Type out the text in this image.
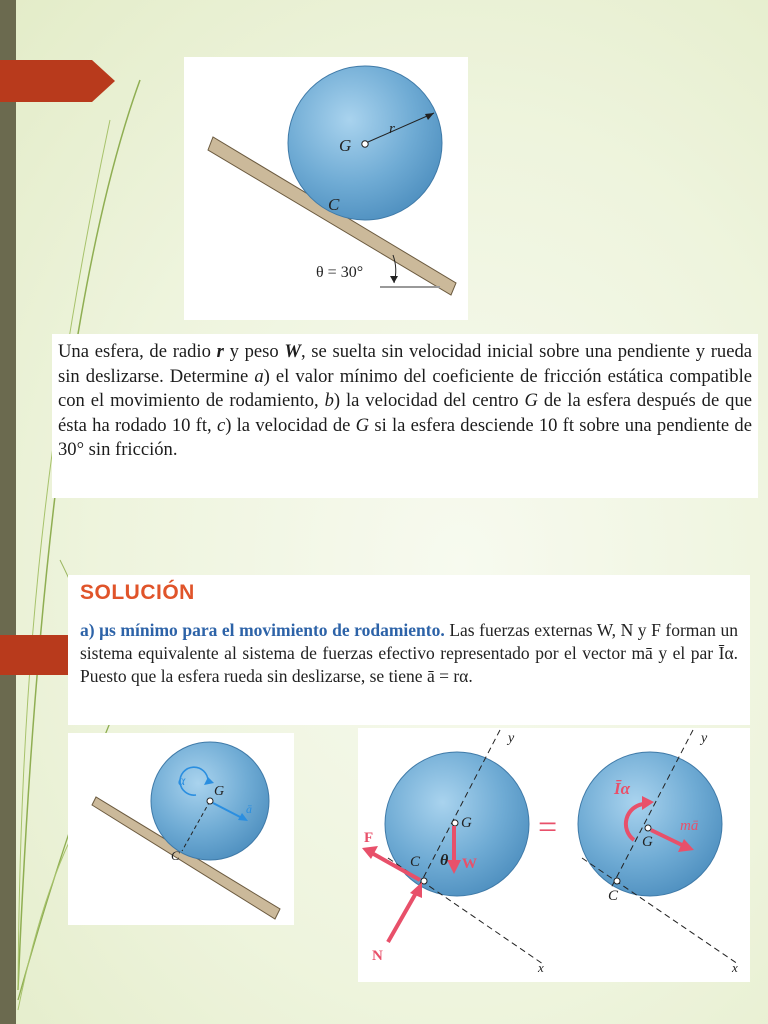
G
r
C
θ = 30°
Una esfera, de radio r y peso W, se suelta sin velocidad inicial sobre una pendiente y rueda sin deslizarse. Determine a) el valor mínimo del coeficiente de fricción estática compatible con el movimiento de rodamiento, b) la velocidad del centro G de la esfera después de que ésta ha rodado 10 ft, c) la velocidad de G si la esfera desciende 10 ft sobre una pendiente de 30° sin fricción.
SOLUCIÓN
a) μs mínimo para el movimiento de rodamiento. Las fuerzas externas W, N y F forman un sistema equivalente al sistema de fuerzas efectivo representado por el vector mā y el par Īα. Puesto que la esfera rueda sin deslizarse, se tiene ā = rα.
α
G
ā
C
y
x
G
W
θ
C
F
N
=
y
x
G
mā
Īα
C
